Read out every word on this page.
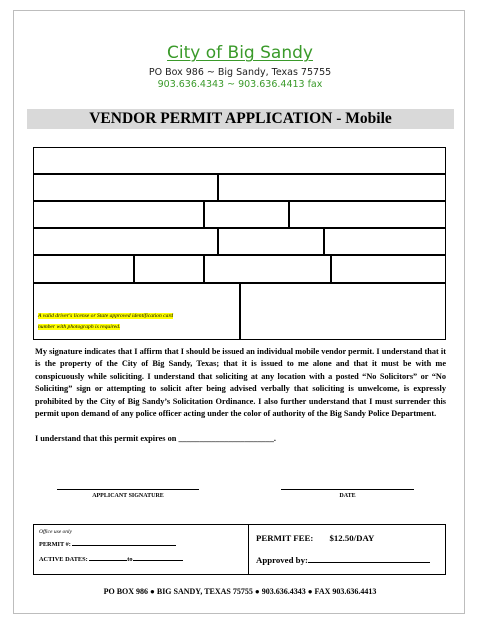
City of Big Sandy
PO Box 986 ~ Big Sandy, Texas 75755
903.636.4343 ~ 903.636.4413 fax
VENDOR PERMIT APPLICATION - Mobile
A valid driver's license or State approved identification card
number with photograph is required.
My signature indicates that I affirm that I should be issued an individual mobile vendor permit. I understand that it is the property of the City of Big Sandy, Texas; that it is issued to me alone and that it must be with me conspicuously while soliciting. I understand that soliciting at any location with a posted “No Solicitors” or “No Soliciting” sign or attempting to solicit after being advised verbally that soliciting is unwelcome, is expressly prohibited by the City of Big Sandy’s Solicitation Ordinance. I also further understand that I must surrender this permit upon demand of any police officer acting under the color of authority of the Big Sandy Police Department.
I understand that this permit expires on _______________________.
APPLICANT SIGNATURE	DATE
Office use only
PERMIT #:
ACTIVE DATES:	to
PERMIT FEE: $12.50/DAY
Approved by:
PO BOX 986 ● BIG SANDY, TEXAS 75755 ● 903.636.4343 ● FAX 903.636.4413
